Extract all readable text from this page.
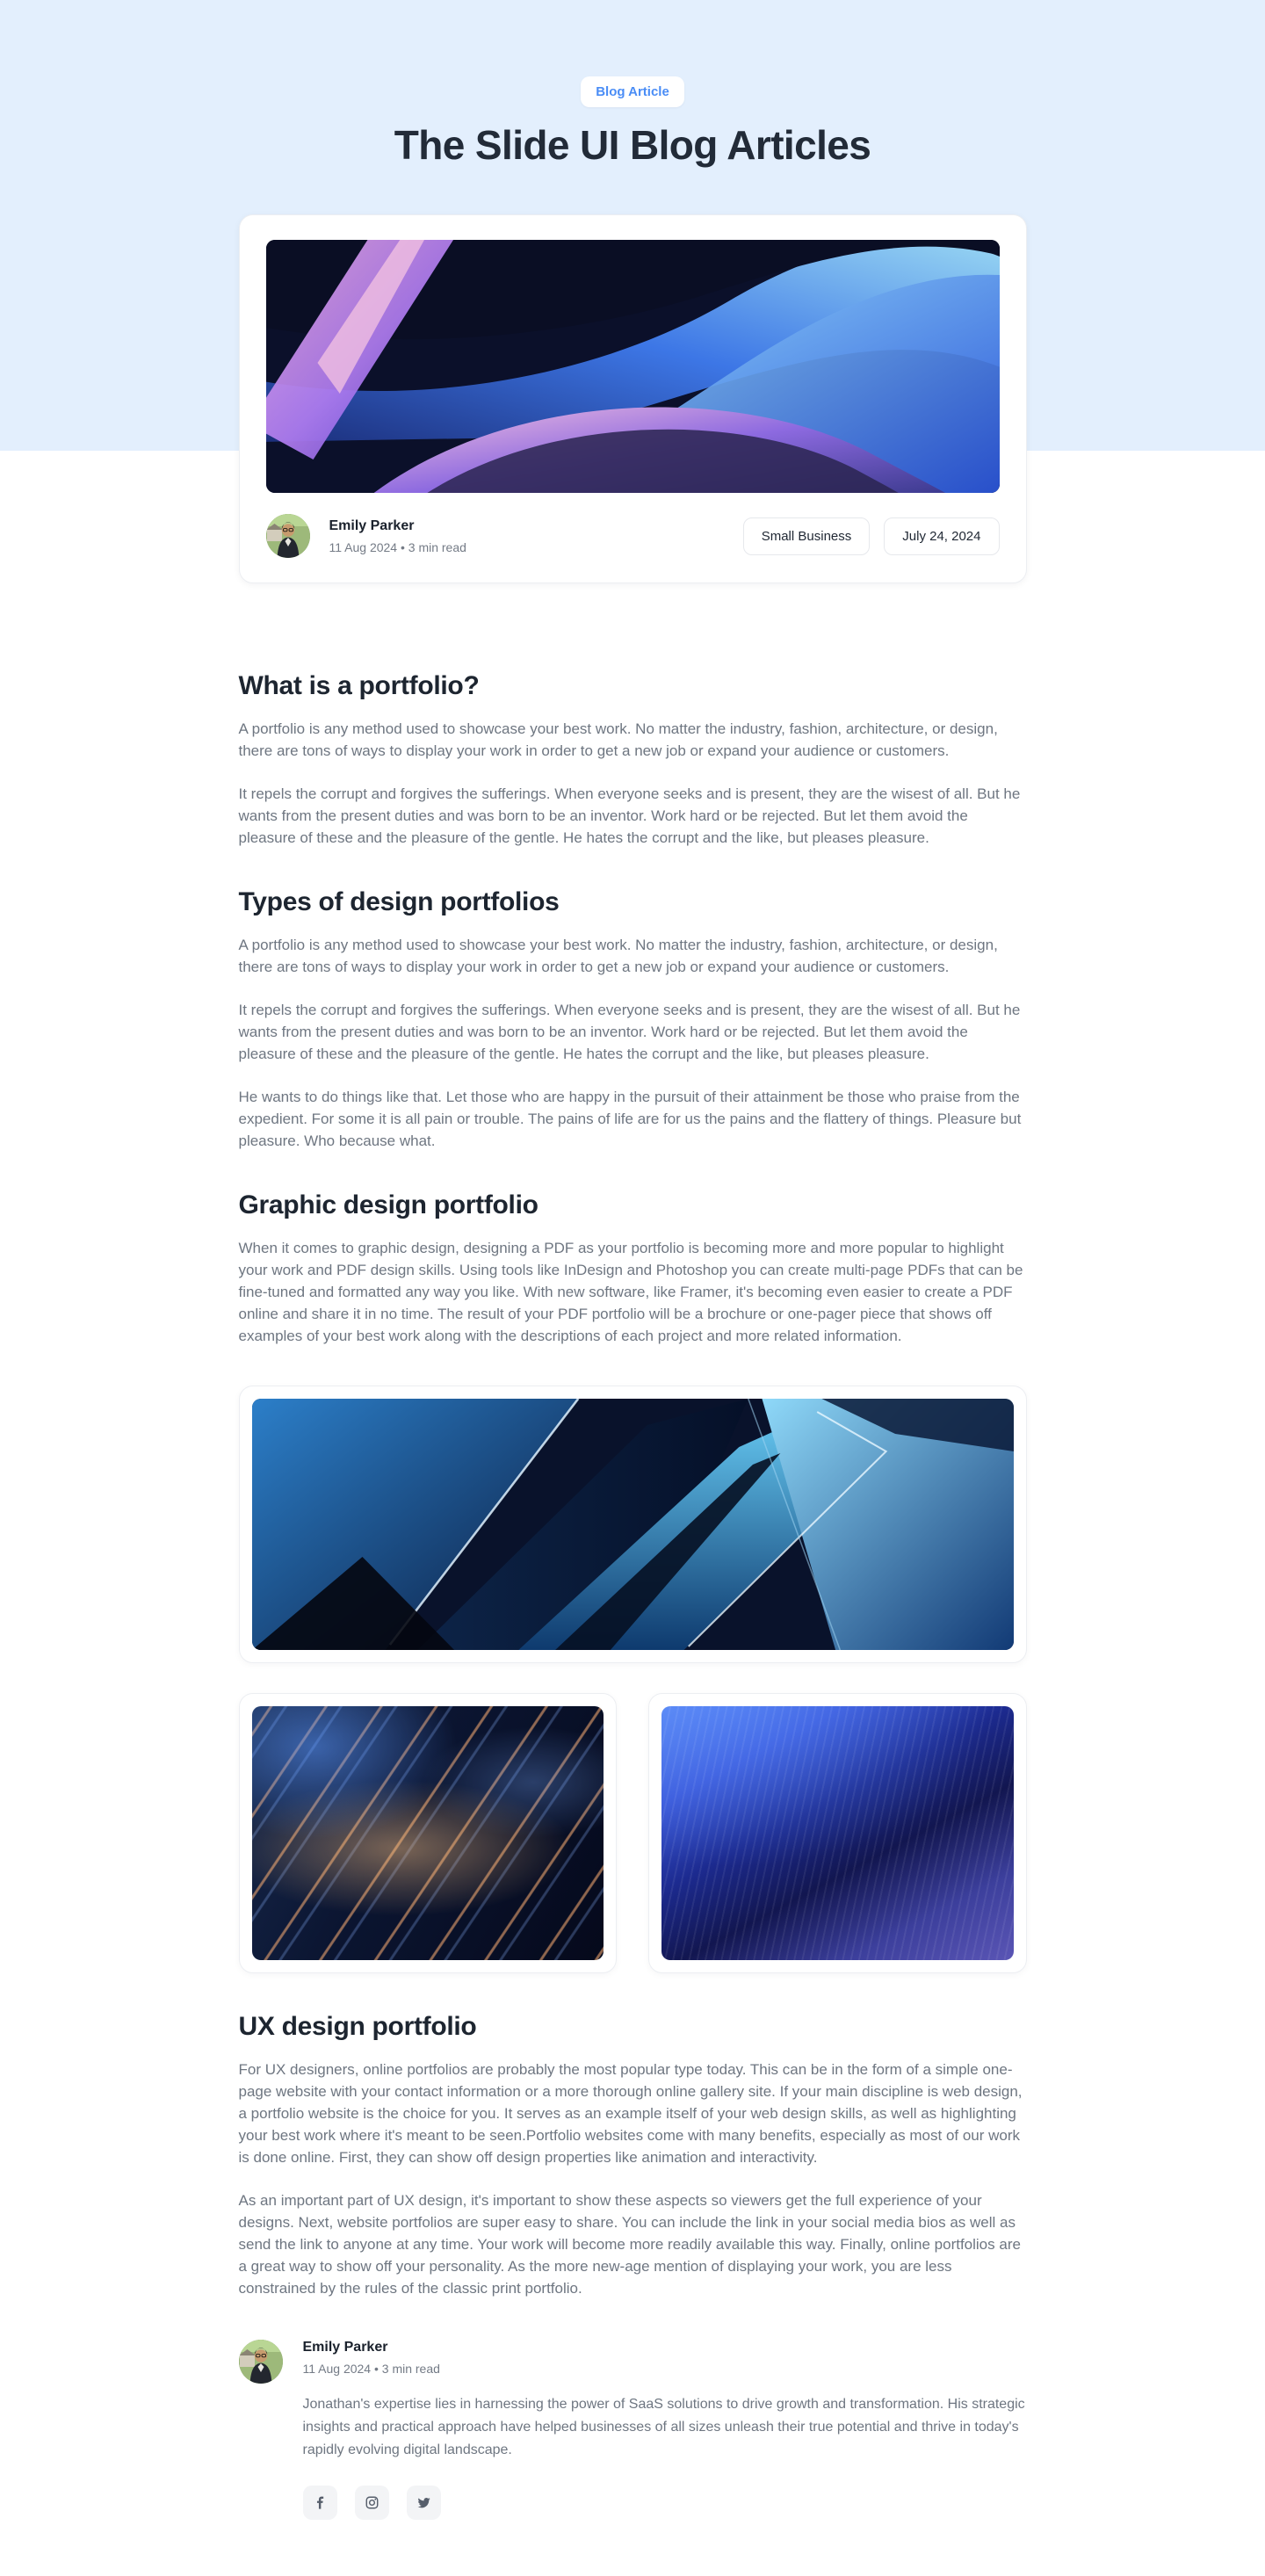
Blog Article
The Slide UI Blog Articles
Emily Parker
11 Aug 2024 • 3 min read
Small Business	July 24, 2024
What is a portfolio?

A portfolio is any method used to showcase your best work. No matter the industry, fashion, architecture, or design, there are tons of ways to display your work in order to get a new job or expand your audience or customers.

It repels the corrupt and forgives the sufferings. When everyone seeks and is present, they are the wisest of all. But he wants from the present duties and was born to be an inventor. Work hard or be rejected. But let them avoid the pleasure of these and the pleasure of the gentle. He hates the corrupt and the like, but pleases pleasure.

Types of design portfolios

A portfolio is any method used to showcase your best work. No matter the industry, fashion, architecture, or design, there are tons of ways to display your work in order to get a new job or expand your audience or customers.

It repels the corrupt and forgives the sufferings. When everyone seeks and is present, they are the wisest of all. But he wants from the present duties and was born to be an inventor. Work hard or be rejected. But let them avoid the pleasure of these and the pleasure of the gentle. He hates the corrupt and the like, but pleases pleasure.

He wants to do things like that. Let those who are happy in the pursuit of their attainment be those who praise from the expedient. For some it is all pain or trouble. The pains of life are for us the pains and the flattery of things. Pleasure but pleasure. Who because what.

Graphic design portfolio

When it comes to graphic design, designing a PDF as your portfolio is becoming more and more popular to highlight your work and PDF design skills. Using tools like InDesign and Photoshop you can create multi-page PDFs that can be fine-tuned and formatted any way you like. With new software, like Framer, it's becoming even easier to create a PDF online and share it in no time. The result of your PDF portfolio will be a brochure or one-pager piece that shows off examples of your best work along with the descriptions of each project and more related information.

UX design portfolio

For UX designers, online portfolios are probably the most popular type today. This can be in the form of a simple one-page website with your contact information or a more thorough online gallery site. If your main discipline is web design, a portfolio website is the choice for you. It serves as an example itself of your web design skills, as well as highlighting your best work where it's meant to be seen.Portfolio websites come with many benefits, especially as most of our work is done online. First, they can show off design properties like animation and interactivity.

As an important part of UX design, it's important to show these aspects so viewers get the full experience of your designs. Next, website portfolios are super easy to share. You can include the link in your social media bios as well as send the link to anyone at any time. Your work will become more readily available this way. Finally, online portfolios are a great way to show off your personality. As the more new-age mention of displaying your work, you are less constrained by the rules of the classic print portfolio.

Emily Parker
11 Aug 2024 • 3 min read

Jonathan's expertise lies in harnessing the power of SaaS solutions to drive growth and transformation. His strategic insights and practical approach have helped businesses of all sizes unleash their true potential and thrive in today's rapidly evolving digital landscape.
